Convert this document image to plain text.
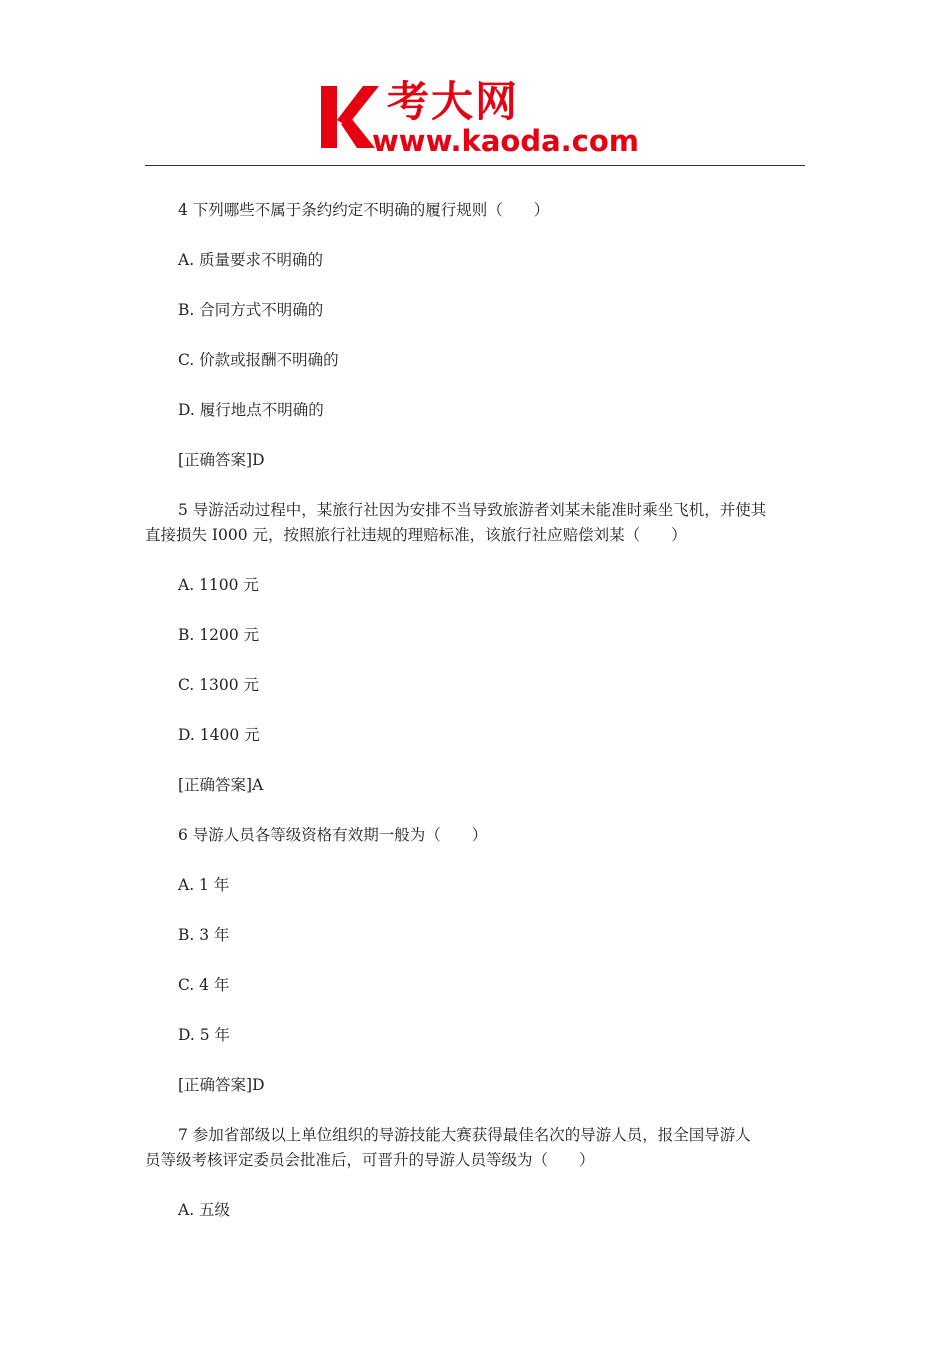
考大网
www.kaoda.com
4 下列哪些不属于条约约定不明确的履行规则（　　）
A. 质量要求不明确的
B. 合同方式不明确的
C. 价款或报酬不明确的
D. 履行地点不明确的
[正确答案]D
5 导游活动过程中，某旅行社因为安排不当导致旅游者刘某未能准时乘坐飞机，并使其
直接损失 I000 元，按照旅行社违规的理赔标准，该旅行社应赔偿刘某（　　）
A. 1100 元
B. 1200 元
C. 1300 元
D. 1400 元
[正确答案]A
6 导游人员各等级资格有效期一般为（　　）
A. 1 年
B. 3 年
C. 4 年
D. 5 年
[正确答案]D
7 参加省部级以上单位组织的导游技能大赛获得最佳名次的导游人员，报全国导游人
员等级考核评定委员会批准后，可晋升的导游人员等级为（　　）
A. 五级
